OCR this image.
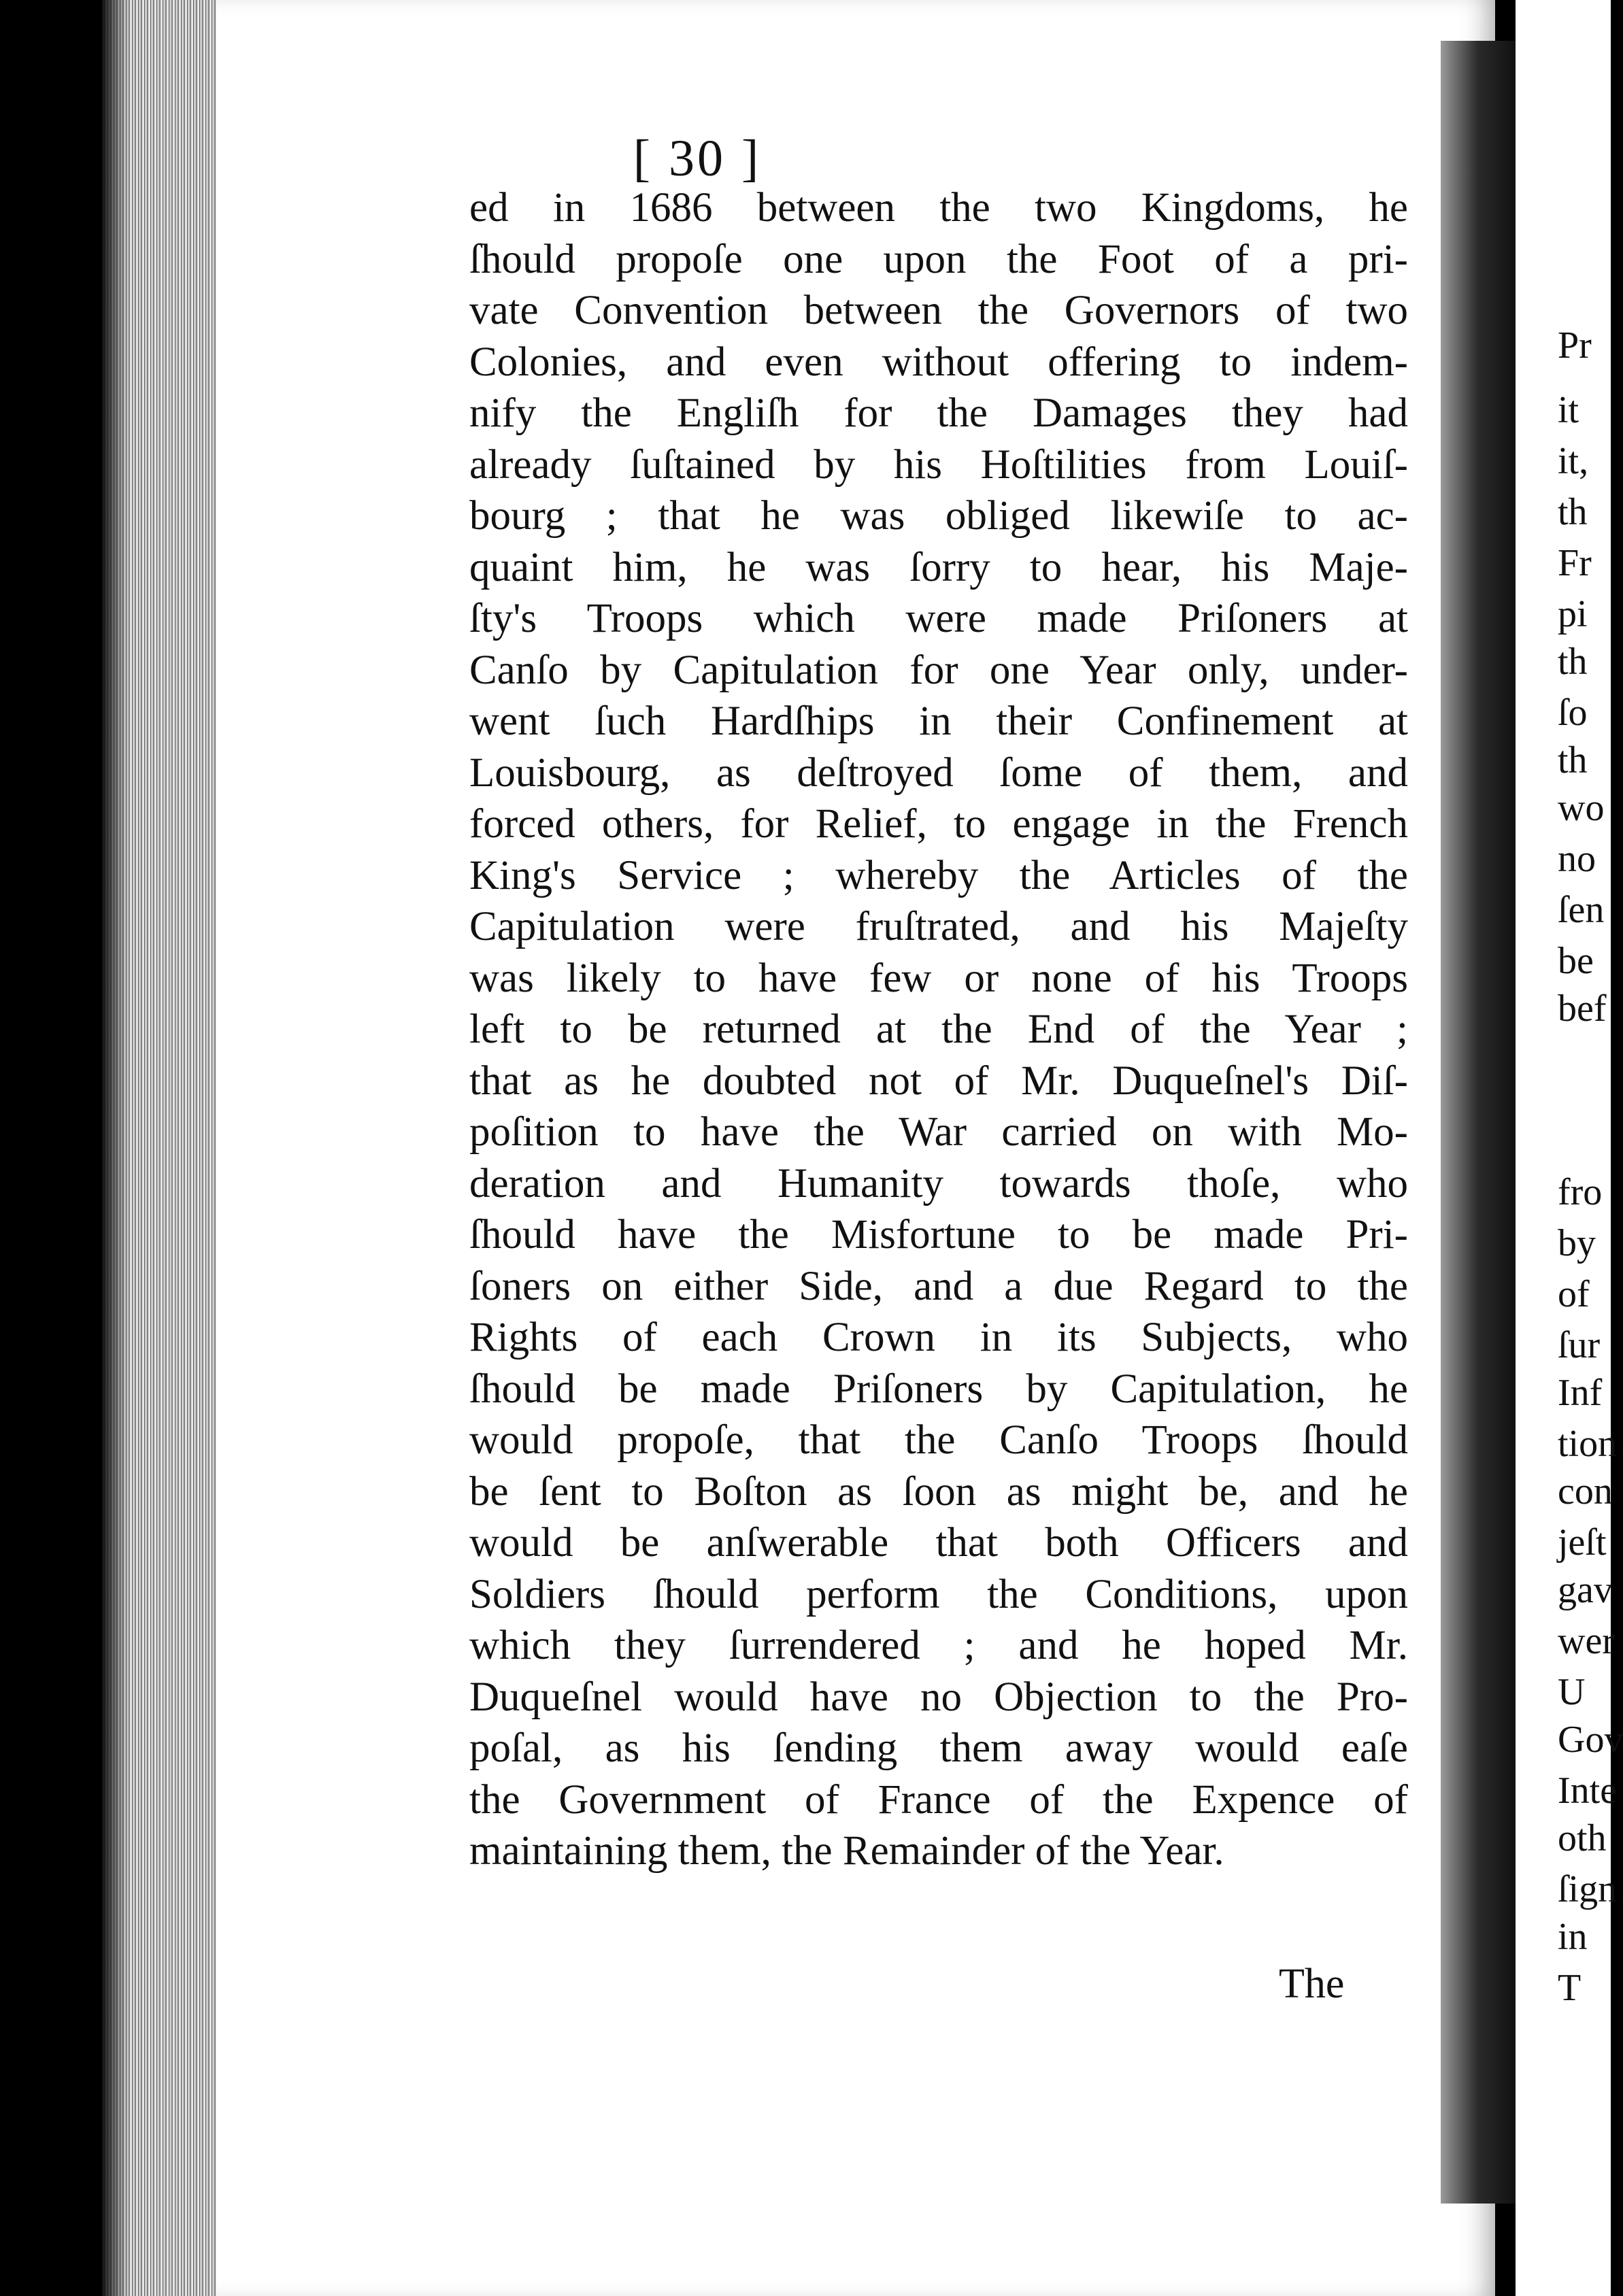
[ 30 ]
ed in 1686 between the two Kingdoms, he
ſhould propoſe one upon the Foot of a pri-
vate Convention between the Governors of two
Colonies, and even without offering to indem-
nify the Engliſh for the Damages they had
already ſuſtained by his Hoſtilities from Louiſ-
bourg ; that he was obliged likewiſe to ac-
quaint him, he was ſorry to hear, his Maje-
ſty's Troops which were made Priſoners at
Canſo by Capitulation for one Year only, under-
went ſuch Hardſhips in their Confinement at
Louisbourg, as deſtroyed ſome of them, and
forced others, for Relief, to engage in the French
King's Service ; whereby the Articles of the
Capitulation were fruſtrated, and his Majeſty
was likely to have few or none of his Troops
left to be returned at the End of the Year ;
that as he doubted not of Mr. Duqueſnel's Diſ-
poſition to have the War carried on with Mo-
deration and Humanity towards thoſe, who
ſhould have the Misfortune to be made Pri-
ſoners on either Side, and a due Regard to the
Rights of each Crown in its Subjects, who
ſhould be made Priſoners by Capitulation, he
would propoſe, that the Canſo Troops ſhould
be ſent to Boſton as ſoon as might be, and he
would be anſwerable that both Officers and
Soldiers ſhould perform the Conditions, upon
which they ſurrendered ; and he hoped Mr.
Duqueſnel would have no Objection to the Pro-
poſal, as his ſending them away would eaſe
the Government of France of the Expence of
maintaining them, the Remainder of the Year.
The
Pr
it
it,
th
Fr
pi
th
ſo
th
wo
no
ſen
be
bef
fro
by
of
ſur
Inf
tion
con
jeſt
gav
wer
U
Gov
Inte
oth
ſign
in
T
